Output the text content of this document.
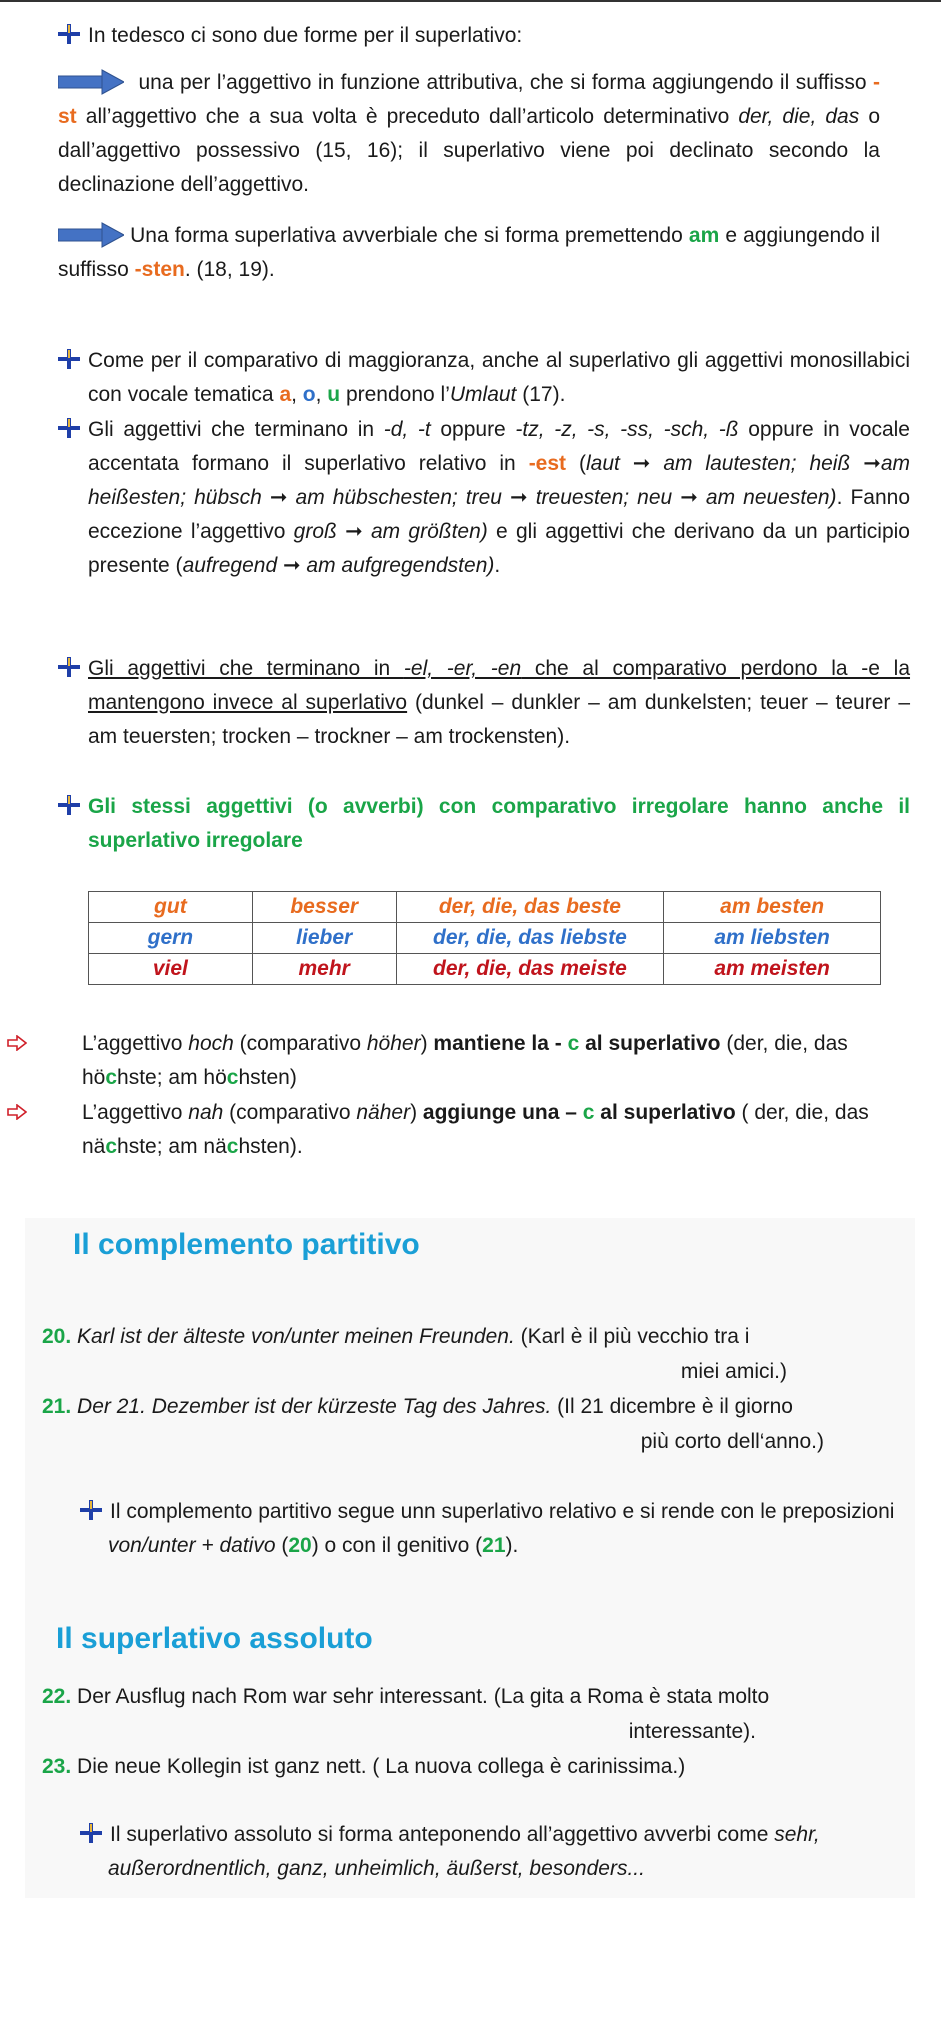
In tedesco ci sono due forme per il superlativo:

una per l’aggettivo in funzione attributiva, che si forma aggiungendo il suffisso -st all’aggettivo che a sua volta è preceduto dall’articolo determinativo der, die, das o dall’aggettivo possessivo (15, 16); il superlativo viene poi declinato secondo la declinazione dell’aggettivo.
Una forma superlativa avverbiale che si forma premettendo am e aggiungendo il suffisso -sten. (18, 19).
Come per il comparativo di maggioranza, anche al superlativo gli aggettivi monosillabici con vocale tematica a, o, u prendono l’Umlaut (17).
Gli aggettivi che terminano in -d, -t oppure -tz, -z, -s, -ss, -sch, -ß oppure in vocale accentata formano il superlativo relativo in -est (laut ➞ am lautesten; heiß ➞am heißesten; hübsch ➞ am hübschesten; treu ➞ treuesten; neu ➞ am neuesten). Fanno eccezione l’aggettivo groß ➞ am größten) e gli aggettivi che derivano da un participio presente (aufregend ➞ am aufgregendsten).
Gli aggettivi che terminano in -el, -er, -en che al comparativo perdono la -e la mantengono invece al superlativo (dunkel – dunkler – am dunkelsten; teuer – teurer – am teuersten; trocken – trockner – am trockensten).
Gli stessi aggettivi (o avverbi) con comparativo irregolare hanno anche il superlativo irregolare
gut	besser	der, die, das beste	am besten
gern	lieber	der, die, das liebste	am liebsten
viel	mehr	der, die, das meiste	am meisten
L’aggettivo hoch (comparativo höher) mantiene la - c al superlativo (der, die, das höchste; am höchsten)
L’aggettivo nah (comparativo näher) aggiunge una – c al superlativo ( der, die, das nächste; am nächsten).
Il complemento partitivo
20. Karl ist der älteste von/unter meinen Freunden. (Karl è il più vecchio tra i
miei amici.)
21. Der 21. Dezember ist der kürzeste Tag des Jahres. (Il 21 dicembre è il giorno
più corto dell‘anno.)
Il complemento partitivo segue unn superlativo relativo e si rende con le preposizioni von/unter + dativo (20) o con il genitivo (21).
Il superlativo assoluto
22. Der Ausflug nach Rom war sehr interessant. (La gita a Roma è stata molto
interessante).
23. Die neue Kollegin ist ganz nett. ( La nuova collega è carinissima.)
Il superlativo assoluto si forma anteponendo all’aggettivo avverbi come sehr, außerordnentlich, ganz, unheimlich, äußerst, besonders...
